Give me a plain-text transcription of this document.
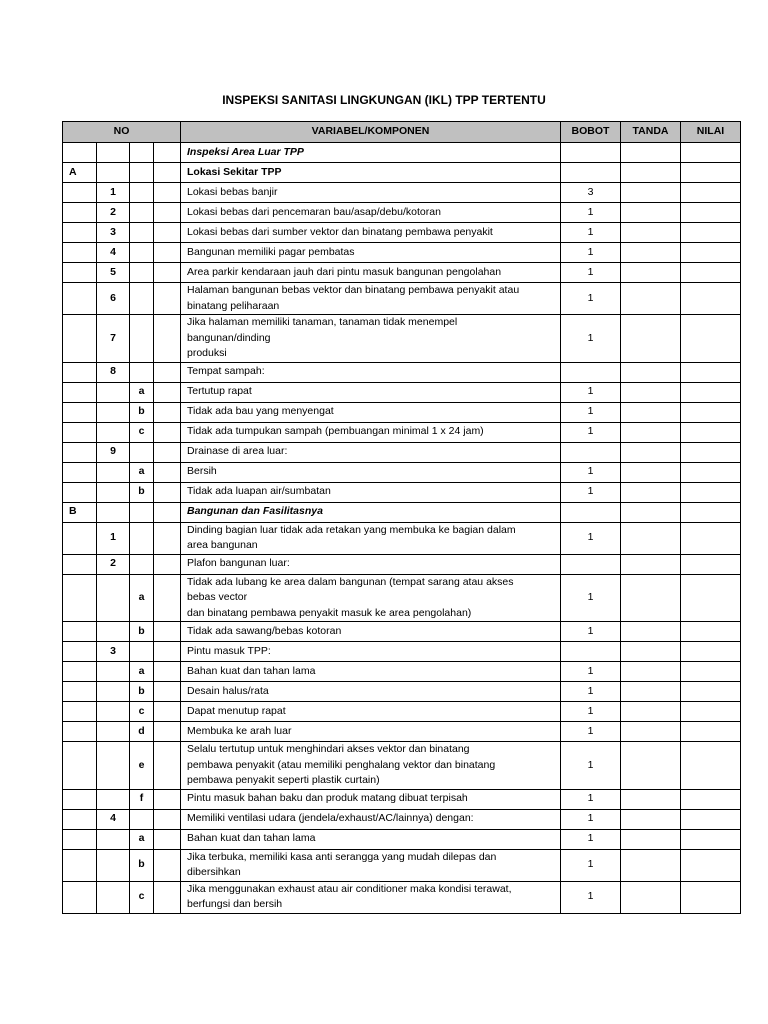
INSPEKSI SANITASI LINGKUNGAN (IKL) TPP TERTENTU
NO				VARIABEL/KOMPONEN	BOBOT	TANDA	NILAI
				Inspeksi Area Luar TPP			
A				Lokasi Sekitar TPP			
	1			Lokasi bebas banjir	3		
	2			Lokasi bebas dari pencemaran bau/asap/debu/kotoran	1		
	3			Lokasi bebas dari sumber vektor dan binatang pembawa penyakit	1		
	4			Bangunan memiliki pagar pembatas	1		
	5			Area parkir kendaraan jauh dari pintu masuk bangunan pengolahan	1		
	6			Halaman bangunan bebas vektor dan binatang pembawa penyakit atau
binatang peliharaan	1		
	7			Jika halaman memiliki tanaman, tanaman tidak menempel
bangunan/dinding
produksi	1		
	8			Tempat sampah:			
		a		Tertutup rapat	1		
		b		Tidak ada bau yang menyengat	1		
		c		Tidak ada tumpukan sampah (pembuangan minimal 1 x 24 jam)	1		
	9			Drainase di area luar:			
		a		Bersih	1		
		b		Tidak ada luapan air/sumbatan	1		
B				Bangunan dan Fasilitasnya			
	1			Dinding bagian luar tidak ada retakan yang membuka ke bagian dalam
area bangunan	1		
	2			Plafon bangunan luar:			
		a		Tidak ada lubang ke area dalam bangunan (tempat sarang atau akses
bebas vector
dan binatang pembawa penyakit masuk ke area pengolahan)	1		
		b		Tidak ada sawang/bebas kotoran	1		
	3			Pintu masuk TPP:			
		a		Bahan kuat dan tahan lama	1		
		b		Desain halus/rata	1		
		c		Dapat menutup rapat	1		
		d		Membuka ke arah luar	1		
		e		Selalu tertutup untuk menghindari akses vektor dan binatang
pembawa penyakit (atau memiliki penghalang vektor dan binatang
pembawa penyakit seperti plastik curtain)	1		
		f		Pintu masuk bahan baku dan produk matang dibuat terpisah	1		
	4			Memiliki ventilasi udara (jendela/exhaust/AC/lainnya) dengan:	1		
		a		Bahan kuat dan tahan lama	1		
		b		Jika terbuka, memiliki kasa anti serangga yang mudah dilepas dan
dibersihkan	1		
		c		Jika menggunakan exhaust atau air conditioner maka kondisi terawat,
berfungsi dan bersih	1		
